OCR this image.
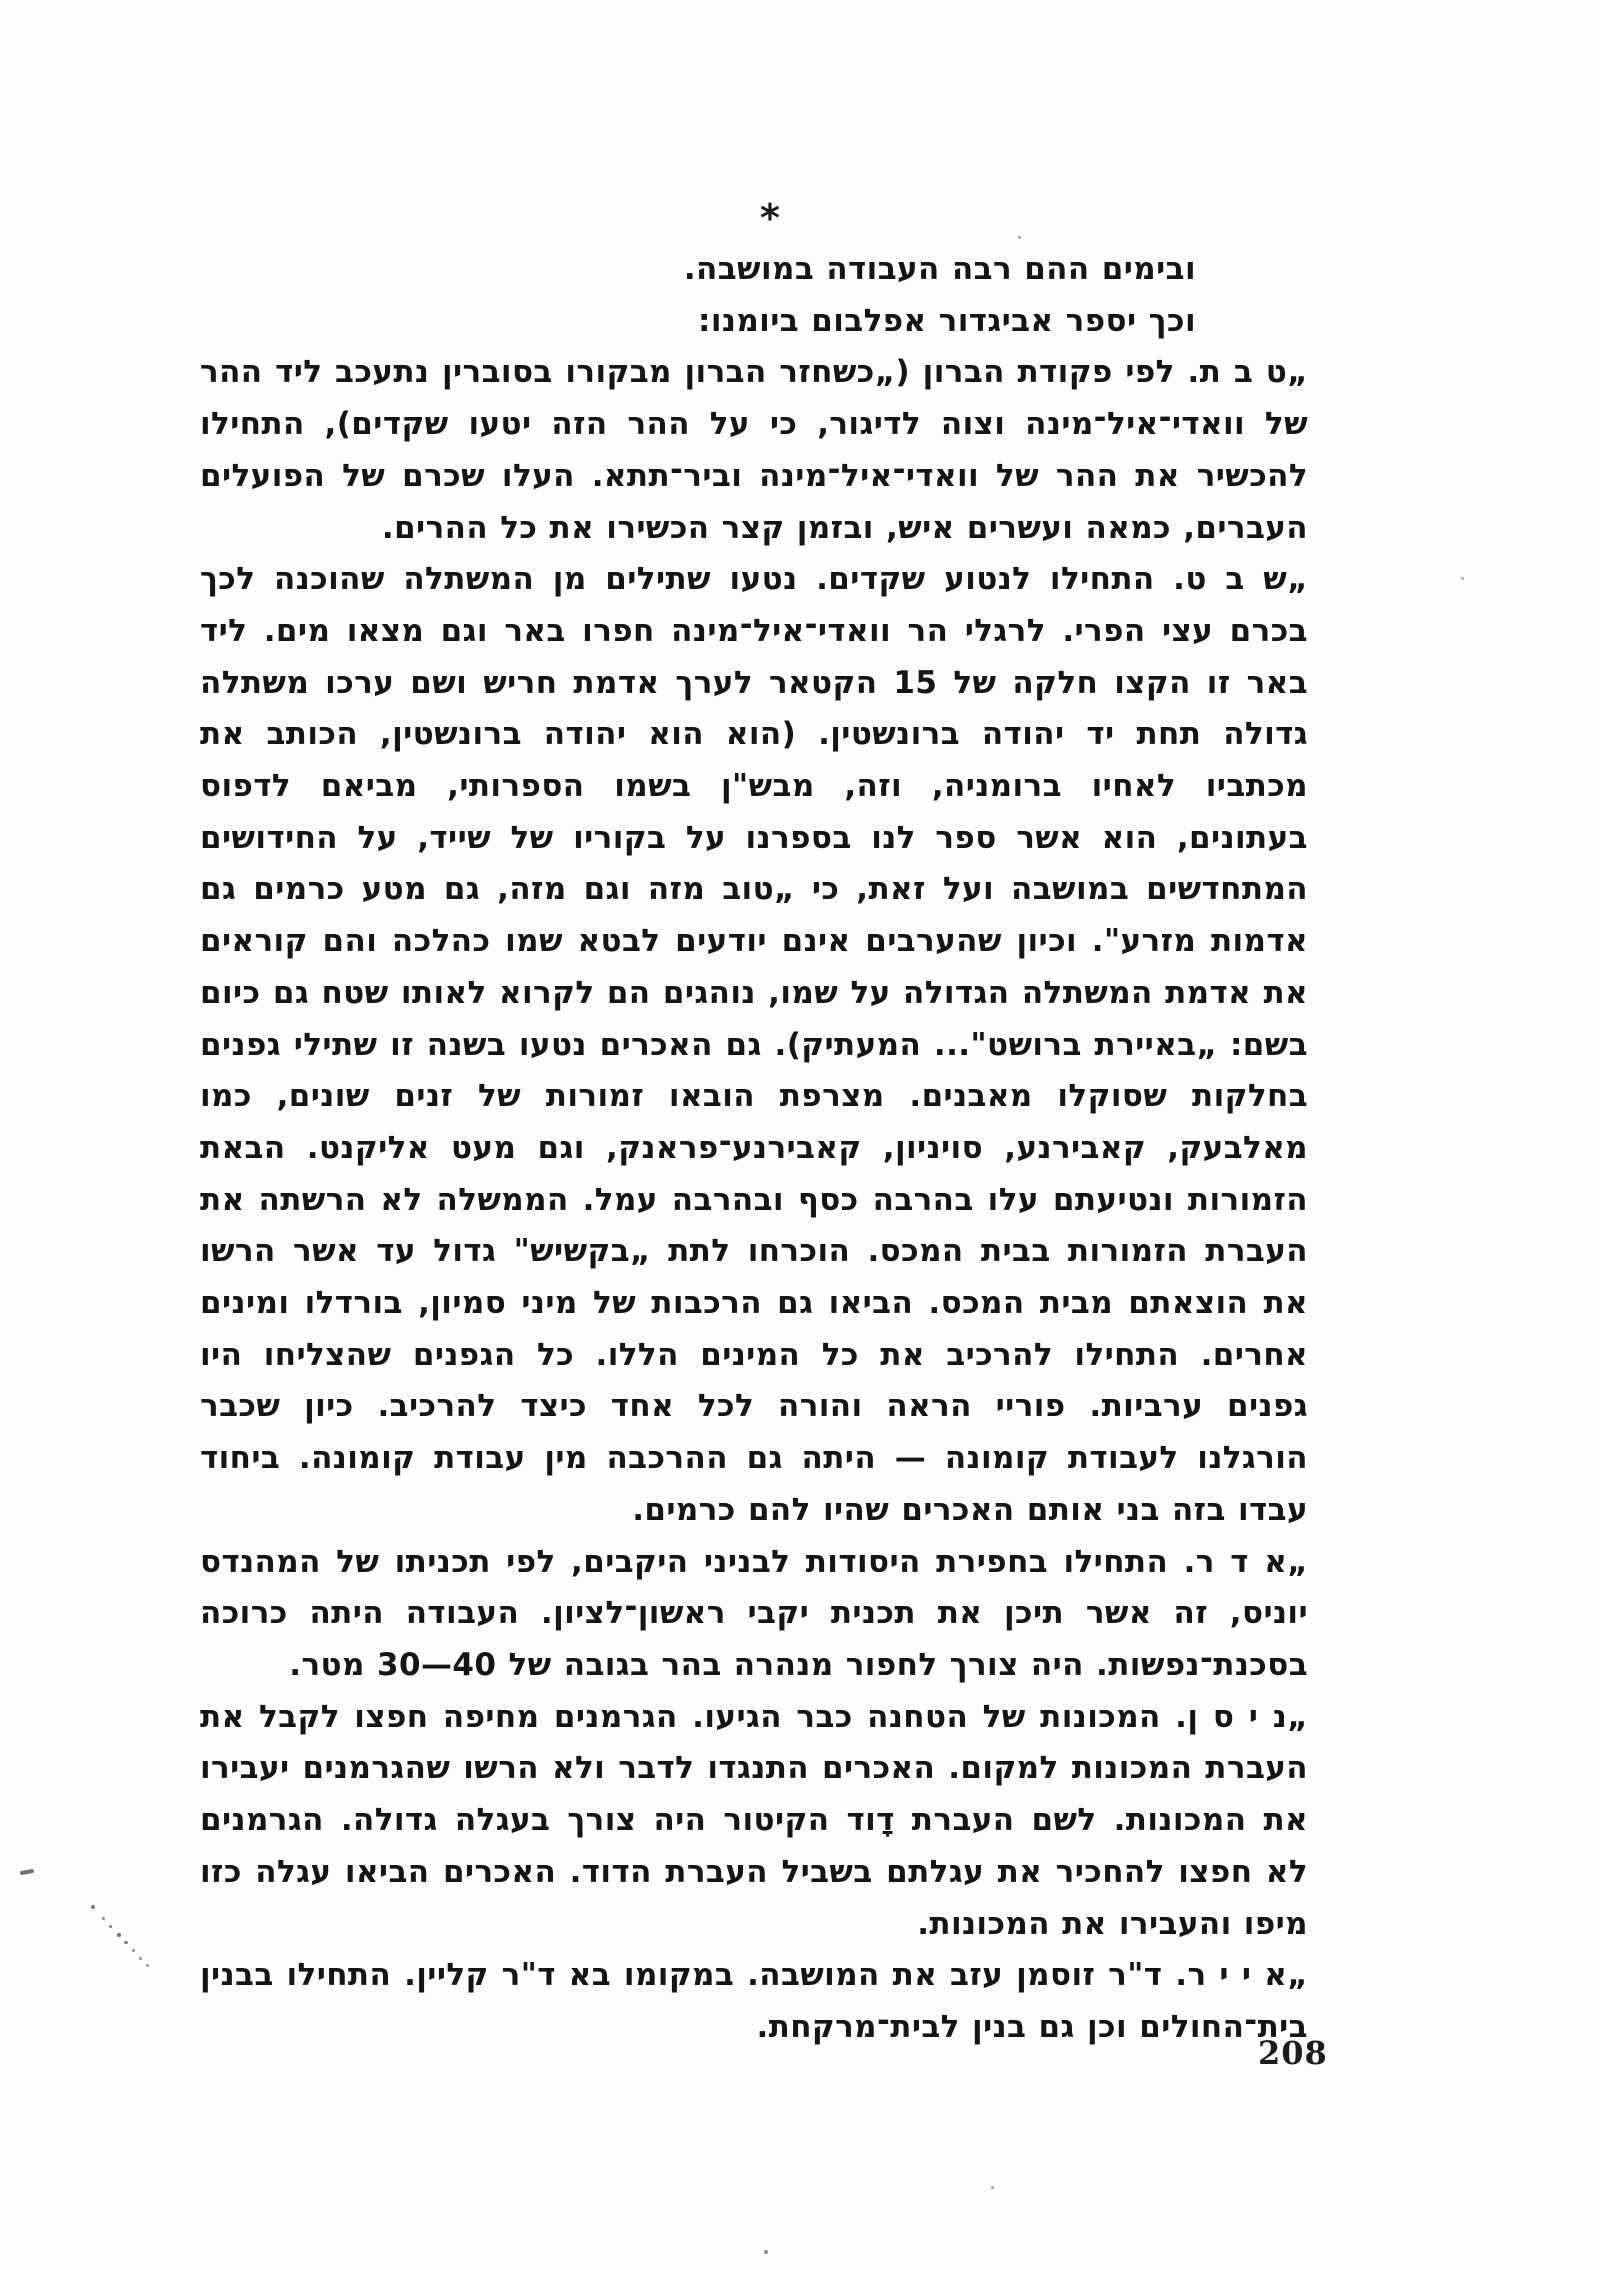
*

ובימים ההם רבה העבודה במושבה.

וכך יספר אביגדור אפלבום ביומנו:

„ט ב ת. לפי פקודת הברון („כשחזר הברון מבקורו בסוברין נתעכב ליד ההר של וואדי־איל־מינה וצוה לדיגור, כי על ההר הזה יטעו שקדים), התחילו להכשיר את ההר של וואדי־איל־מינה וביר־תתא. העלו שכרם של הפועלים העברים, כמאה ועשרים איש, ובזמן קצר הכשירו את כל ההרים.

„ש ב ט. התחילו לנטוע שקדים. נטעו שתילים מן המשתלה שהוכנה לכך בכרם עצי הפרי. לרגלי הר וואדי־איל־מינה חפרו באר וגם מצאו מים. ליד באר זו הקצו חלקה של 15 הקטאר לערך אדמת חריש ושם ערכו משתלה גדולה תחת יד יהודה ברונשטין. (הוא הוא יהודה ברונשטין, הכותב את מכתביו לאחיו ברומניה, וזה, מבש"ן בשמו הספרותי, מביאם לדפוס בעתונים, הוא אשר ספר לנו בספרנו על בקוריו של שייד, על החידושים המתחדשים במושבה ועל זאת, כי „טוב מזה וגם מזה, גם מטע כרמים גם אדמות מזרע". וכיון שהערבים אינם יודעים לבטא שמו כהלכה והם קוראים את אדמת המשתלה הגדולה על שמו, נוהגים הם לקרוא לאותו שטח גם כיום בשם: „באיירת ברושט"... המעתיק). גם האכרים נטעו בשנה זו שתילי גפנים בחלקות שסוקלו מאבנים. מצרפת הובאו זמורות של זנים שונים, כמו מאלבעק, קאבירנע, סויניון, קאבירנע־פראנק, וגם מעט אליקנט. הבאת הזמורות ונטיעתם עלו בהרבה כסף ובהרבה עמל. הממשלה לא הרשתה את העברת הזמורות בבית המכס. הוכרחו לתת „בקשיש" גדול עד אשר הרשו את הוצאתם מבית המכס. הביאו גם הרכבות של מיני סמיון, בורדלו ומינים אחרים. התחילו להרכיב את כל המינים הללו. כל הגפנים שהצליחו היו גפנים ערביות. פוריי הראה והורה לכל אחד כיצד להרכיב. כיון שכבר הורגלנו לעבודת קומונה — היתה גם ההרכבה מין עבודת קומונה. ביחוד עבדו בזה בני אותם האכרים שהיו להם כרמים.

„א ד ר. התחילו בחפירת היסודות לבניני היקבים, לפי תכניתו של המהנדס יוניס, זה אשר תיכן את תכנית יקבי ראשון־לציון. העבודה היתה כרוכה בסכנת־נפשות. היה צורך לחפור מנהרה בהר בגובה של 40—30 מטר.

„נ י ס ן. המכונות של הטחנה כבר הגיעו. הגרמנים מחיפה חפצו לקבל את העברת המכונות למקום. האכרים התנגדו לדבר ולא הרשו שהגרמנים יעבירו את המכונות. לשם העברת דָוד הקיטור היה צורך בעגלה גדולה. הגרמנים לא חפצו להחכיר את עגלתם בשביל העברת הדוד. האכרים הביאו עגלה כזו מיפו והעבירו את המכונות.

„א י י ר. ד"ר זוסמן עזב את המושבה. במקומו בא ד"ר קליין. התחילו בבנין בית־החולים וכן גם בנין לבית־מרקחת.

208
